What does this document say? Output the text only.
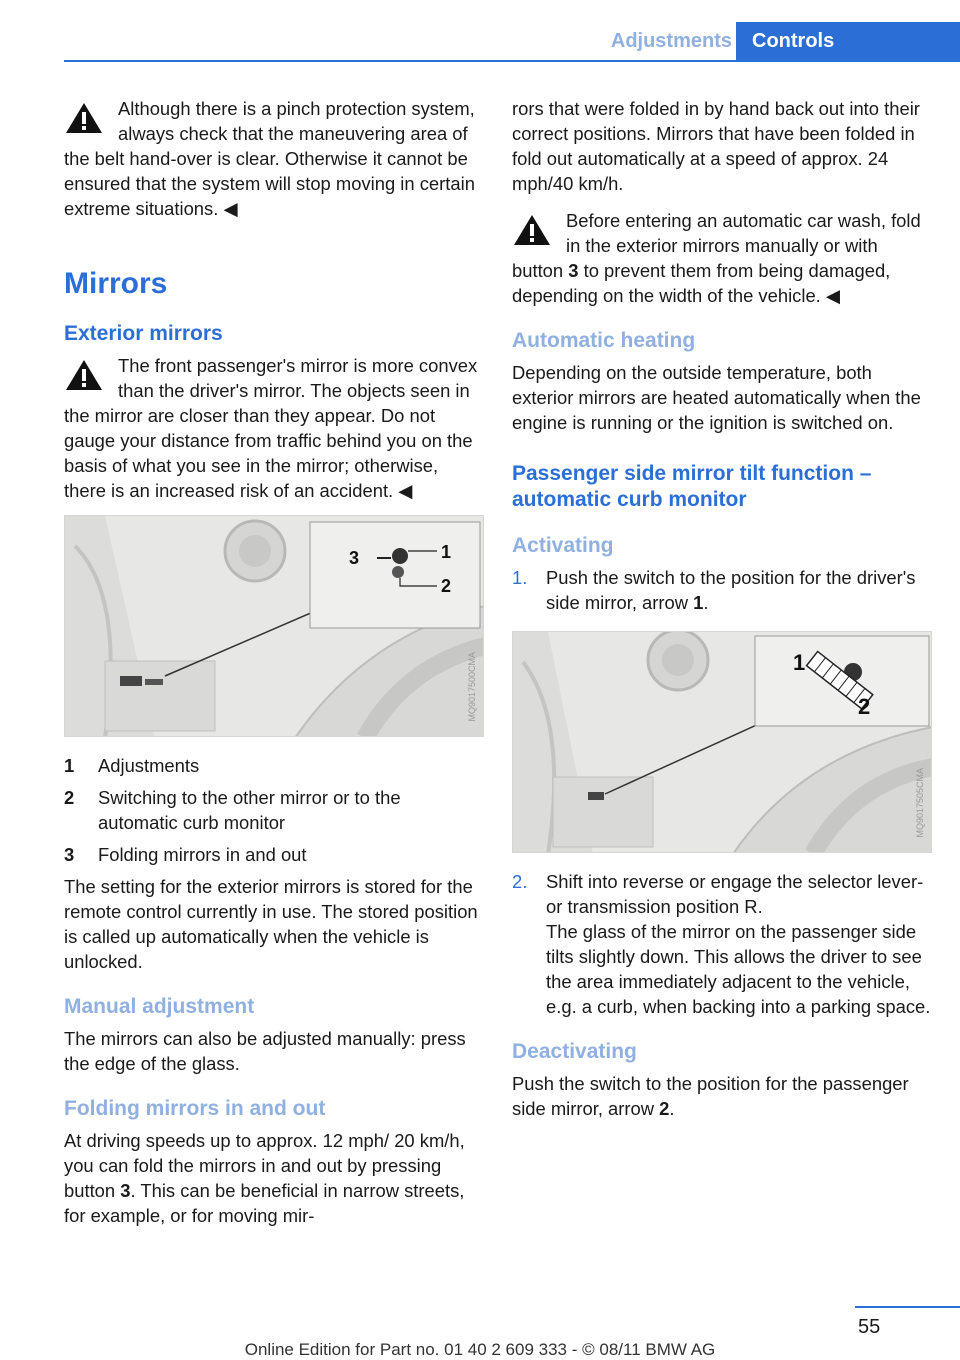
Adjustments	Controls

Although there is a pinch protection system, always check that the maneuvering area of the belt hand-over is clear. Otherwise it cannot be ensured that the system will stop moving in certain extreme situations. ◀

Mirrors
Exterior mirrors

The front passenger's mirror is more convex than the driver's mirror. The objects seen in the mirror are closer than they appear. Do not gauge your distance from traffic behind you on the basis of what you see in the mirror; otherwise, there is an increased risk of an accident. ◀

3	1
2
MQ9017500CMA
1	Adjustments
2	Switching to the other mirror or to the automatic curb monitor
3	Folding mirrors in and out

The setting for the exterior mirrors is stored for the remote control currently in use. The stored position is called up automatically when the vehicle is unlocked.

Manual adjustment

The mirrors can also be adjusted manually: press the edge of the glass.

Folding mirrors in and out

At driving speeds up to approx. 12 mph/ 20 km/h, you can fold the mirrors in and out by pressing button 3. This can be beneficial in narrow streets, for example, or for moving mir-

rors that were folded in by hand back out into their correct positions. Mirrors that have been folded in fold out automatically at a speed of approx. 24 mph/40 km/h.

Before entering an automatic car wash, fold in the exterior mirrors manually or with button 3 to prevent them from being damaged, depending on the width of the vehicle. ◀

Automatic heating

Depending on the outside temperature, both exterior mirrors are heated automatically when the engine is running or the ignition is switched on.

Passenger side mirror tilt function – automatic curb monitor
Activating
1.	Push the switch to the position for the driver's side mirror, arrow 1.
1
2
MQ9017505CMA
2.	Shift into reverse or engage the selector lever- or transmission position R.
The glass of the mirror on the passenger side tilts slightly down. This allows the driver to see the area immediately adjacent to the vehicle, e.g. a curb, when backing into a parking space.
Deactivating

Push the switch to the position for the passenger side mirror, arrow 2.

55
Online Edition for Part no. 01 40 2 609 333 - © 08/11 BMW AG
